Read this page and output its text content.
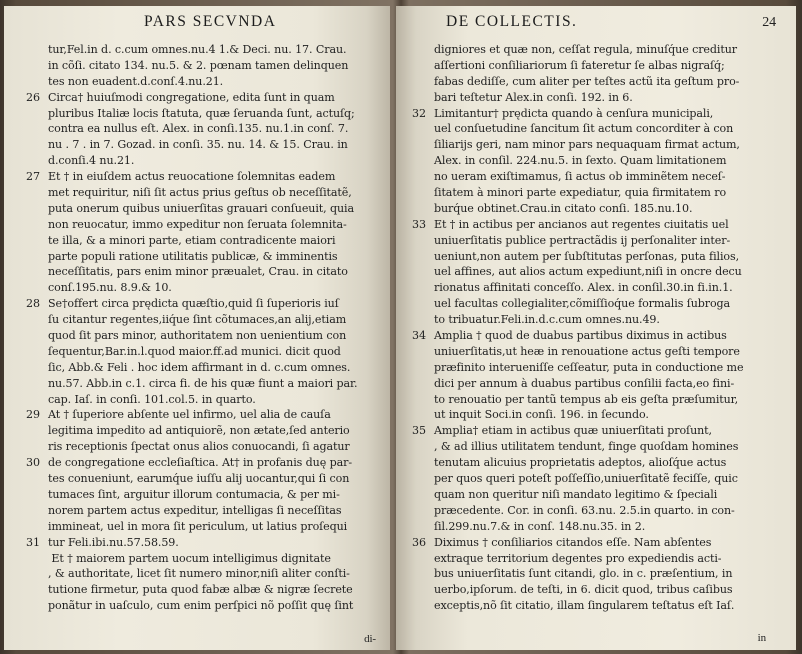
PARS SECVNDA
tur,Fel.in d. c.cum omnes.nu.4 1.& Deci. nu. 17. Crau.
in cõſi. citato 134. nu.5. & 2. pœnam tamen delinquen
tes non euadent.d.conſ.4.nu.21.
26 Circa† huiuſmodi congregatione, edita ſunt in quam
pluribus Italiæ locis ſtatuta, quæ ſeruanda ſunt, actuſq;
contra ea nullus eſt. Alex. in conſi.135. nu.1.in conſ. 7.
nu . 7 . in 7. Gozad. in conſi. 35. nu. 14. & 15. Crau. in
d.conſi.4 nu.21.
27 Et † in eiuſdem actus reuocatione ſolemnitas eadem
met requiritur, niſi ſit actus prius geſtus ob neceſſitatẽ,
puta onerum quibus uniuerſitas grauari conſueuit, quia
non reuocatur, immo expeditur non ſeruata ſolemnita-
te illa, & a minori parte, etiam contradicente maiori
parte populi ratione utilitatis publicæ, & imminentis
neceſſitatis, pars enim minor præualet, Crau. in citato
conſ.195.nu. 8.9.& 10.
28 Se†offert circa prędicta quæſtio,quid ſi ſuperioris iuſ
ſu citantur regentes,iiq́ue ſint cõtumaces,an alij,etiam
quod ſit pars minor, authoritatem non uenientium con
ſequentur,Bar.in.l.quod maior.ff.ad munici. dicit quod
ſic, Abb.& Feli . hoc idem affirmant in d. c.cum omnes.
nu.57. Abb.in c.1. circa fi. de his quæ fiunt a maiori par.
cap. Iaſ. in conſi. 101.col.5. in quarto.
29 At † ſuperiore abſente uel infirmo, uel alia de cauſa
legitima impedito ad antiquiorẽ, non ætate,ſed anterio
ris receptionis ſpectat onus alios conuocandi, ſi agatur
30 de congregatione eccleſiaſtica. At† in profanis duę par-
tes conueniunt, earumq́ue iuſſu alij uocantur,qui ſi con
tumaces ſint, arguitur illorum contumacia, & per mi-
norem partem actus expeditur, intelligas ſi neceſſitas
immineat, uel in mora ſit periculum, ut latius proſequi
31 tur Feli.ibi.nu.57.58.59.
Et † maiorem partem uocum intelligimus dignitate
, & authoritate, licet ſit numero minor,niſi aliter conſti-
tutione firmetur, puta quod fabæ albæ & nigræ ſecrete
ponãtur in uaſculo, cum enim perſpici nõ poſſit quę ſint
di-
DE COLLECTIS.	24
digniores et quæ non, ceſſat regula, minuſq́ue creditur
aſſertioni conſiliariorum ſi fateretur ſe albas nigraſq́;
fabas dediſſe, cum aliter per teſtes actũ ita geſtum pro-
bari teſtetur Alex.in conſi. 192. in 6.
32 Limitantur† prędicta quando à cenſura municipali,
uel conſuetudine ſancitum ſit actum concorditer à con
ſiliarijs geri, nam minor pars nequaquam firmat actum,
Alex. in conſil. 224.nu.5. in ſexto. Quam limitationem
no ueram exiſtimamus, ſi actus ob imminẽtem neceſ-
ſitatem à minori parte expediatur, quia firmitatem ro
burq́ue obtinet.Crau.in citato conſi. 185.nu.10.
33 Et † in actibus per ancianos aut regentes ciuitatis uel
uniuerſitatis publice pertractãdis ij perſonaliter inter-
ueniunt,non autem per ſubſtitutas perſonas, puta filios,
uel affines, aut alios actum expediunt,niſi in oncre decu
rionatus affinitati conceſſo. Alex. in conſil.30.in fi.in.1.
uel facultas collegialiter,cõmiſſioq́ue formalis ſubroga
to tribuatur.Feli.in.d.c.cum omnes.nu.49.
34 Amplia † quod de duabus partibus diximus in actibus
uniuerſitatis,ut heæ in renouatione actus geſti tempore
præfinito interueniſſe ceſſeatur, puta in conductione me
dici per annum à duabus partibus conſilii facta,eo fini-
to renouatio per tantũ tempus ab eis geſta præſumitur,
ut inquit Soci.in conſi. 196. in ſecundo.
35 Amplia† etiam in actibus quæ uniuerſitati proſunt,
, & ad illius utilitatem tendunt, finge quoſdam homines
tenutam alicuius proprietatis adeptos, alioſq́ue actus
per quos queri poteſt poſſeſſio,uniuerſitatẽ feciſſe, quic
quam non queritur niſi mandato legitimo & ſpeciali
præcedente. Cor. in conſi. 63.nu. 2.5.in quarto. in con-
ſil.299.nu.7.& in conſ. 148.nu.35. in 2.
36 Diximus † conſiliarios citandos eſſe. Nam abſentes
extraque territorium degentes pro expediendis acti-
bus uniuerſitatis ſunt citandi, glo. in c. præſentium, in
uerbo,ipſorum. de teſti, in 6. dicit quod, tribus caſibus
exceptis,nõ ſit citatio, illam ſingularem teſtatus eſt Iaſ.
in
